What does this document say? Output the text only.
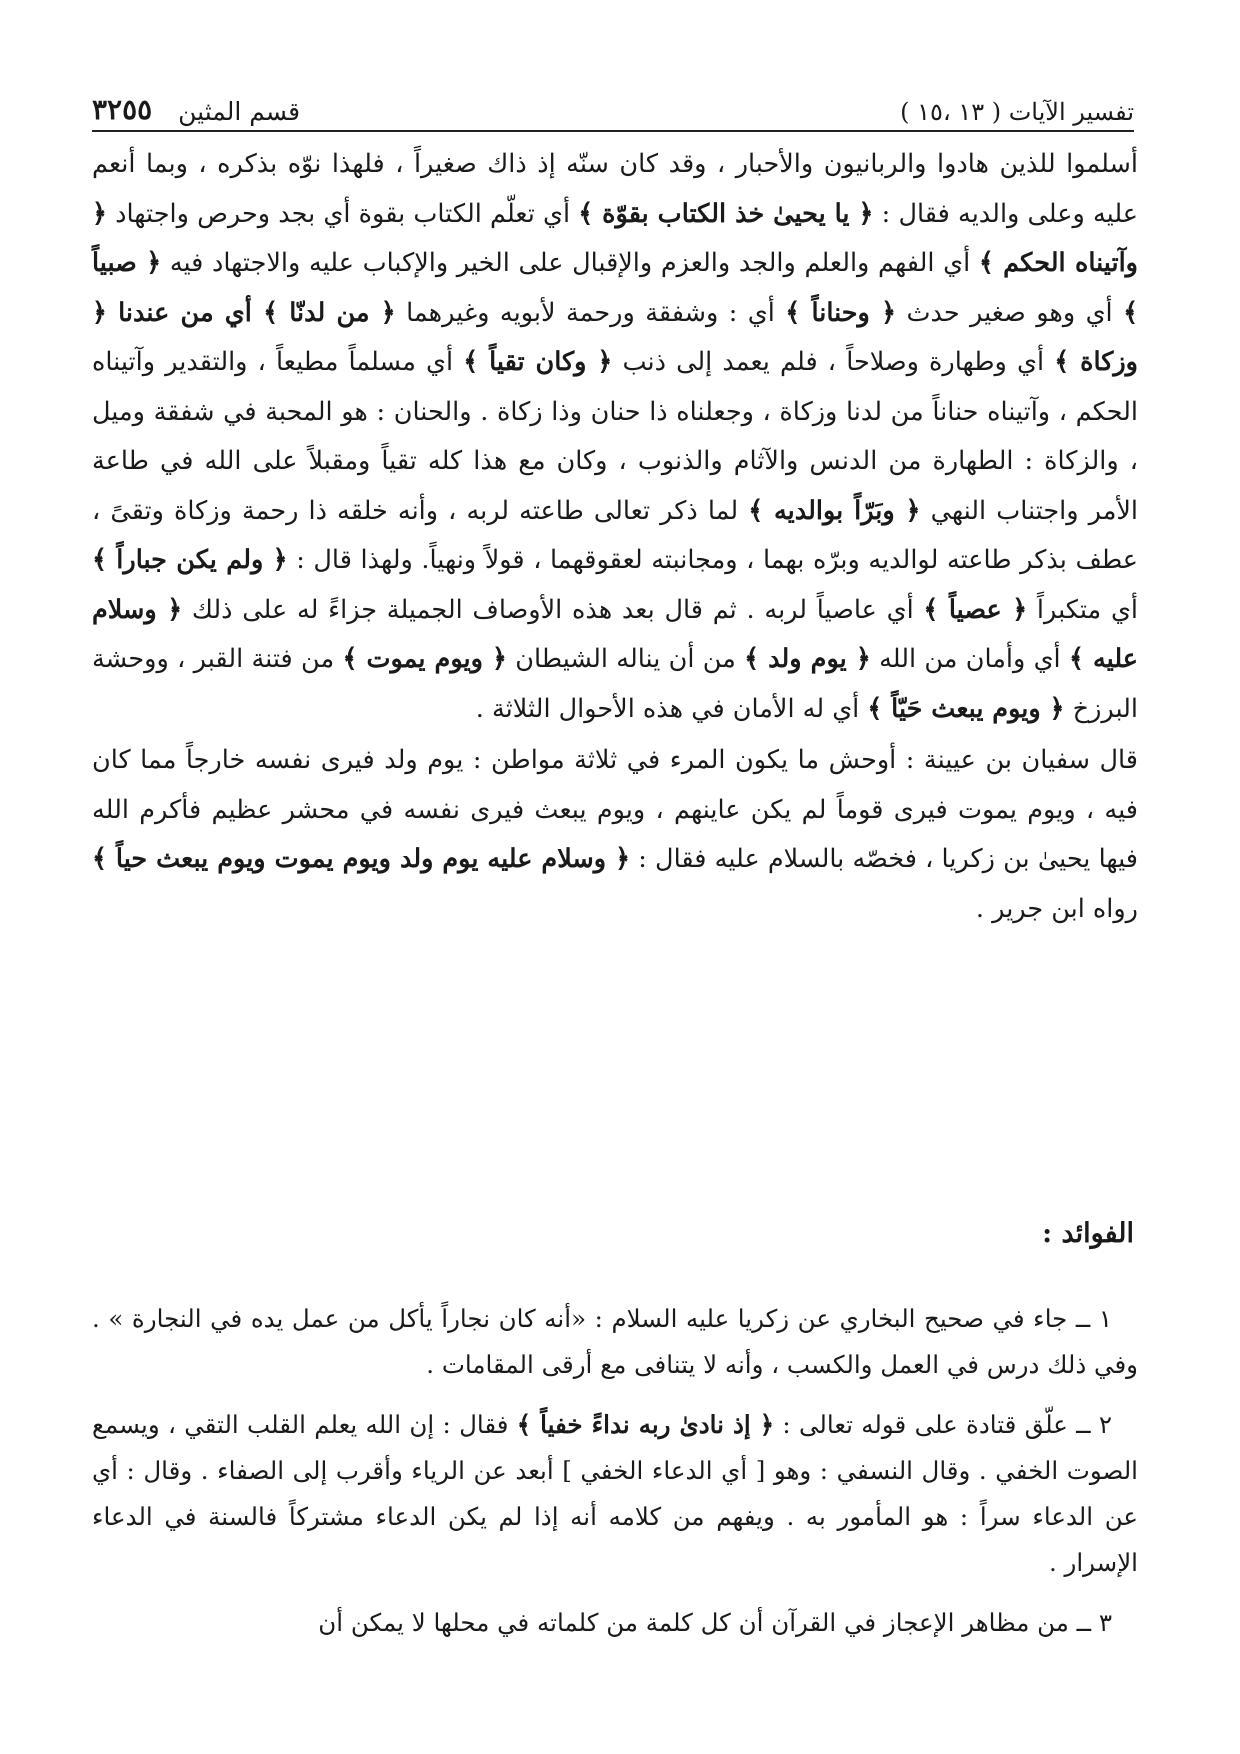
تفسير الآيات ( ١٣ ،١٥ )
قسم المثين
٣٢٥٥

أسلموا للذين هادوا والربانيون والأحبار ، وقد كان سنّه إذ ذاك صغيراً ، فلهذا نوّه بذكره ، وبما أنعم عليه وعلى والديه فقال : ﴿ يا يحيىٰ خذ الكتاب بقوّة ﴾ أي تعلّم الكتاب بقوة أي بجد وحرص واجتهاد ﴿ وآتيناه الحكم ﴾ أي الفهم والعلم والجد والعزم والإقبال على الخير والإكباب عليه والاجتهاد فيه ﴿ صبياً ﴾ أي وهو صغير حدث ﴿ وحناناً ﴾ أي : وشفقة ورحمة لأبويه وغيرهما ﴿ من لدنّا ﴾ أي من عندنا ﴿ وزكاة ﴾ أي وطهارة وصلاحاً ، فلم يعمد إلى ذنب ﴿ وكان تقياً ﴾ أي مسلماً مطيعاً ، والتقدير وآتيناه الحكم ، وآتيناه حناناً من لدنا وزكاة ، وجعلناه ذا حنان وذا زكاة . والحنان : هو المحبة في شفقة وميل ، والزكاة : الطهارة من الدنس والآثام والذنوب ، وكان مع هذا كله تقياً ومقبلاً على الله في طاعة الأمر واجتناب النهي ﴿ وبَرّاً بوالديه ﴾ لما ذكر تعالى طاعته لربه ، وأنه خلقه ذا رحمة وزكاة وتقىً ، عطف بذكر طاعته لوالديه وبرّه بهما ، ومجانبته لعقوقهما ، قولاً ونهياً. ولهذا قال : ﴿ ولم يكن جباراً ﴾ أي متكبراً ﴿ عصياً ﴾ أي عاصياً لربه . ثم قال بعد هذه الأوصاف الجميلة جزاءً له على ذلك ﴿ وسلام عليه ﴾ أي وأمان من الله ﴿ يوم ولد ﴾ من أن يناله الشيطان ﴿ ويوم يموت ﴾ من فتنة القبر ، ووحشة البرزخ ﴿ ويوم يبعث حَيّاً ﴾ أي له الأمان في هذه الأحوال الثلاثة .

قال سفيان بن عيينة : أوحش ما يكون المرء في ثلاثة مواطن : يوم ولد فيرى نفسه خارجاً مما كان فيه ، ويوم يموت فيرى قوماً لم يكن عاينهم ، ويوم يبعث فيرى نفسه في محشر عظيم فأكرم الله فيها يحيىٰ بن زكريا ، فخصّه بالسلام عليه فقال : ﴿ وسلام عليه يوم ولد ويوم يموت ويوم يبعث حياً ﴾ رواه ابن جرير .

الفوائد :

١ ــ جاء في صحيح البخاري عن زكريا عليه السلام : «أنه كان نجاراً يأكل من عمل يده في النجارة » . وفي ذلك درس في العمل والكسب ، وأنه لا يتنافى مع أرقى المقامات .

٢ ــ علّق قتادة على قوله تعالى : ﴿ إذ نادىٰ ربه نداءً خفياً ﴾ فقال : إن الله يعلم القلب التقي ، ويسمع الصوت الخفي . وقال النسفي : وهو [ أي الدعاء الخفي ] أبعد عن الرياء وأقرب إلى الصفاء . وقال : أي عن الدعاء سراً : هو المأمور به . ويفهم من كلامه أنه إذا لم يكن الدعاء مشتركاً فالسنة في الدعاء الإسرار .

٣ ــ من مظاهر الإعجاز في القرآن أن كل كلمة من كلماته في محلها لا يمكن أن
